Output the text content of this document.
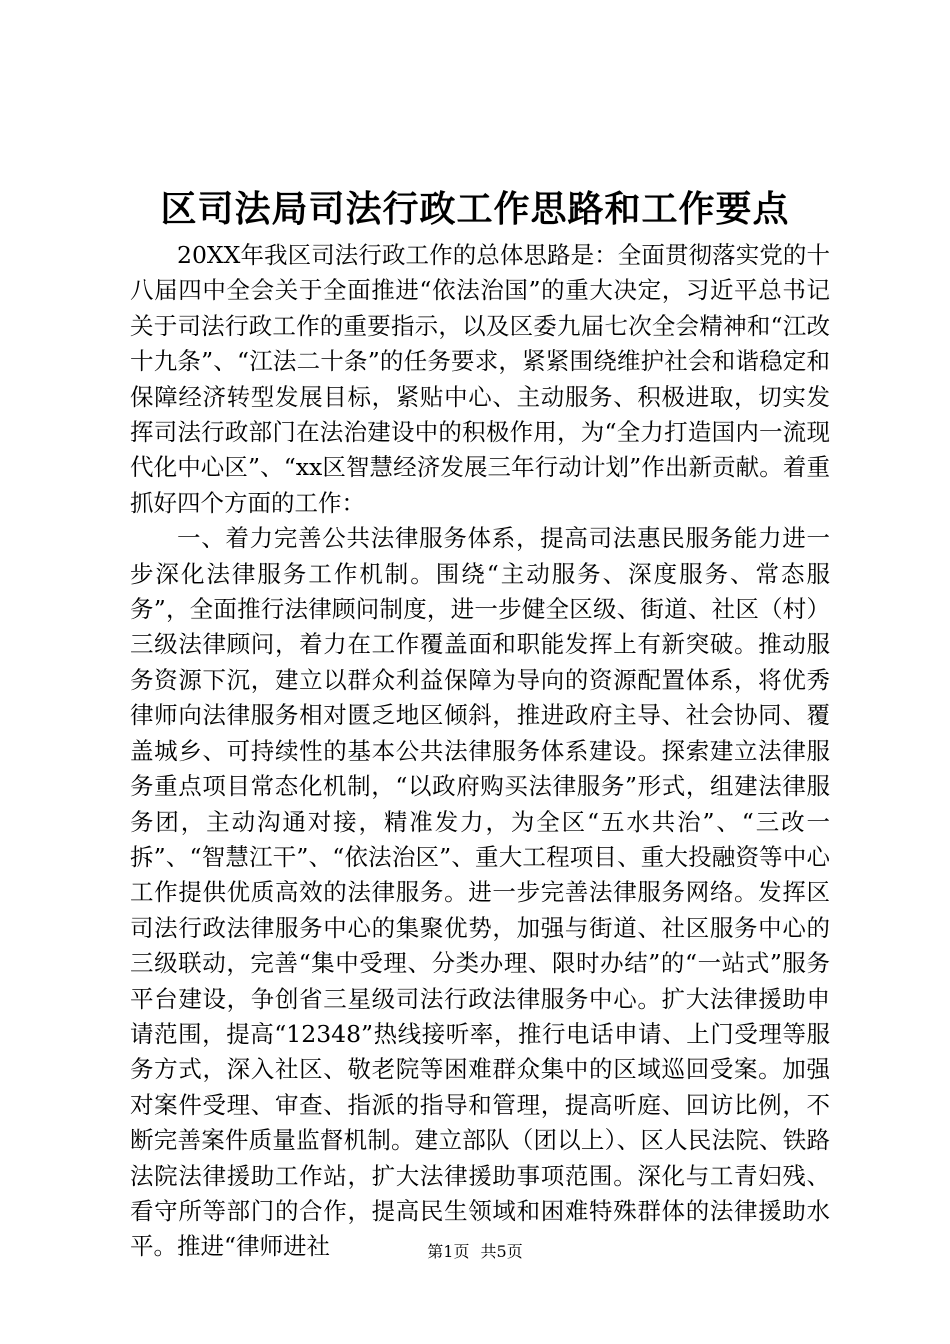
区司法局司法行政工作思路和工作要点

20XX年我区司法行政工作的总体思路是：全面贯彻落实党的十八届四中全会关于全面推进“依法治国”的重大决定，习近平总书记关于司法行政工作的重要指示，以及区委九届七次全会精神和“江改十九条”、“江法二十条”的任务要求，紧紧围绕维护社会和谐稳定和保障经济转型发展目标，紧贴中心、主动服务、积极进取，切实发挥司法行政部门在法治建设中的积极作用，为“全力打造国内一流现代化中心区”、“xx区智慧经济发展三年行动计划”作出新贡献。着重抓好四个方面的工作：

一、着力完善公共法律服务体系，提高司法惠民服务能力进一步深化法律服务工作机制。围绕“主动服务、深度服务、常态服务”，全面推行法律顾问制度，进一步健全区级、街道、社区（村）三级法律顾问，着力在工作覆盖面和职能发挥上有新突破。推动服务资源下沉，建立以群众利益保障为导向的资源配置体系，将优秀律师向法律服务相对匮乏地区倾斜，推进政府主导、社会协同、覆盖城乡、可持续性的基本公共法律服务体系建设。探索建立法律服务重点项目常态化机制，“以政府购买法律服务”形式，组建法律服务团，主动沟通对接，精准发力，为全区“五水共治”、“三改一拆”、“智慧江干”、“依法治区”、重大工程项目、重大投融资等中心工作提供优质高效的法律服务。进一步完善法律服务网络。发挥区司法行政法律服务中心的集聚优势，加强与街道、社区服务中心的三级联动，完善“集中受理、分类办理、限时办结”的“一站式”服务平台建设，争创省三星级司法行政法律服务中心。扩大法律援助申请范围，提高“12348”热线接听率，推行电话申请、上门受理等服务方式，深入社区、敬老院等困难群众集中的区域巡回受案。加强对案件受理、审查、指派的指导和管理，提高听庭、回访比例，不断完善案件质量监督机制。建立部队（团以上）、区人民法院、铁路法院法律援助工作站，扩大法律援助事项范围。深化与工青妇残、看守所等部门的合作，提高民生领域和困难特殊群体的法律援助水平。推进“律师进社	第1页 共5页
